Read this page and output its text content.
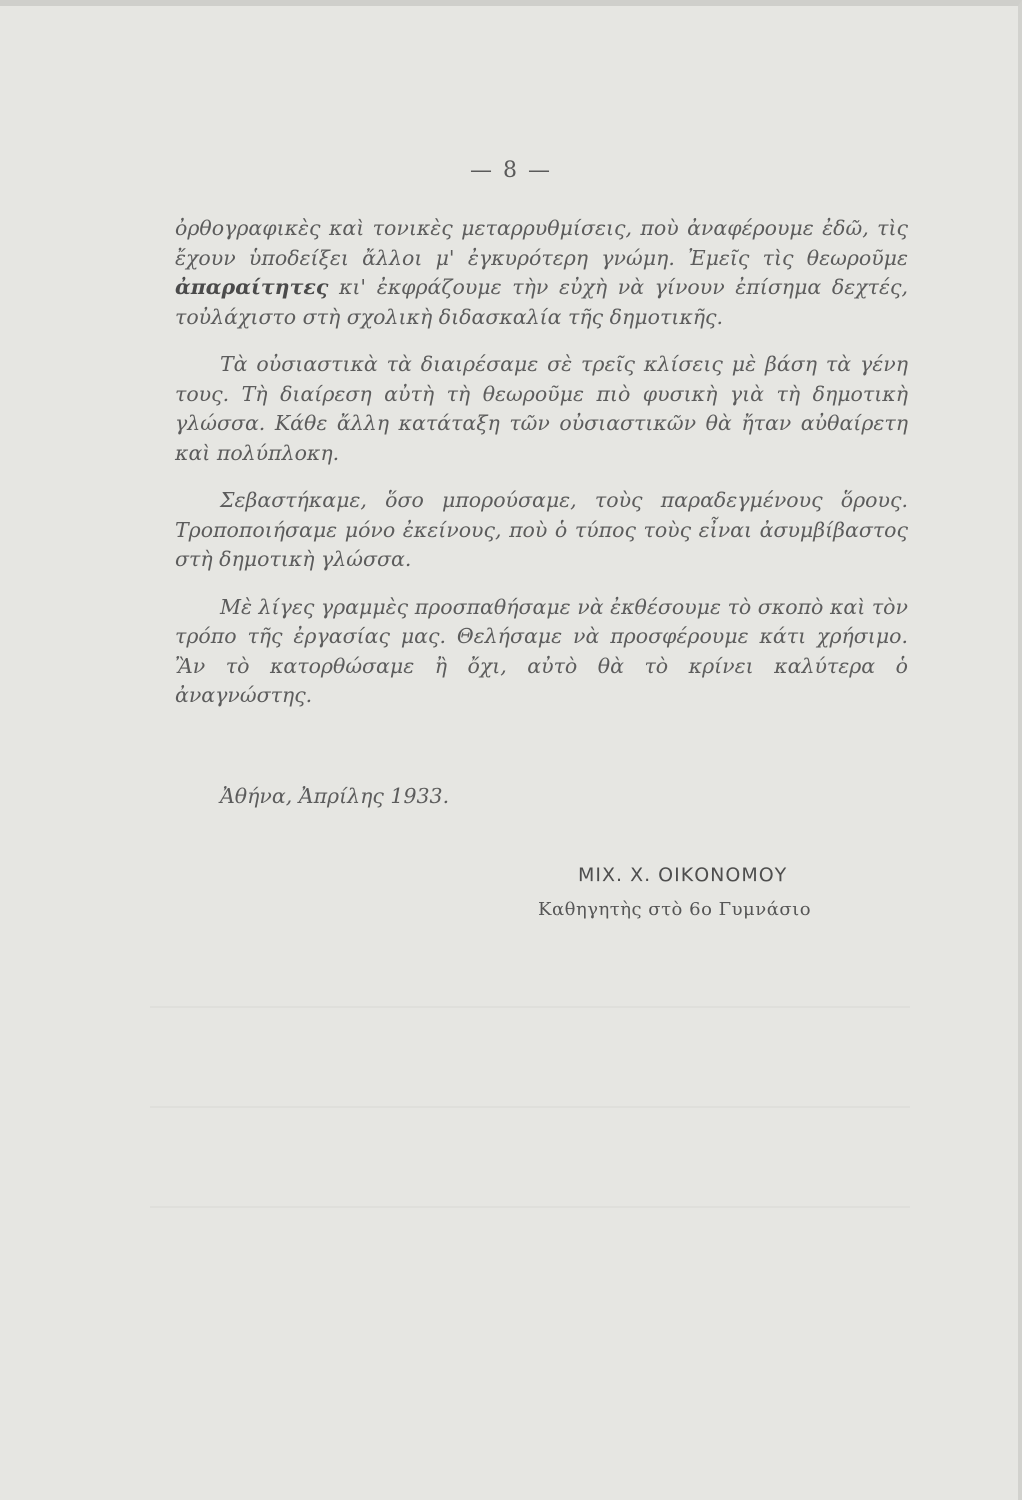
— 8 —

ὀρθογραφικὲς καὶ τονικὲς μεταρρυθμίσεις, ποὺ ἀναφέρουμε ἐδῶ, τὶς ἔχουν ὑποδείξει ἄλλοι μ' ἐγκυρότερη γνώμη. Ἐμεῖς τὶς θεωροῦμε ἀπαραίτητες κι' ἐκφράζουμε τὴν εὐχὴ νὰ γίνουν ἐπίσημα δεχτές, τοὐλάχιστο στὴ σχολικὴ διδασκαλία τῆς δημοτικῆς.

Τὰ οὐσιαστικὰ τὰ διαιρέσαμε σὲ τρεῖς κλίσεις μὲ βάση τὰ γένη τους. Τὴ διαίρεση αὐτὴ τὴ θεωροῦμε πιὸ φυσικὴ γιὰ τὴ δημοτικὴ γλώσσα. Κάθε ἄλλη κατάταξη τῶν οὐσιαστικῶν θὰ ἤταν αὐθαίρετη καὶ πολύπλοκη.

Σεβαστήκαμε, ὅσο μπορούσαμε, τοὺς παραδεγμένους ὅρους. Τροποποιήσαμε μόνο ἐκείνους, ποὺ ὁ τύπος τοὺς εἶναι ἀσυμβίβαστος στὴ δημοτικὴ γλώσσα.

Μὲ λίγες γραμμὲς προσπαθήσαμε νὰ ἐκθέσουμε τὸ σκοπὸ καὶ τὸν τρόπο τῆς ἐργασίας μας. Θελήσαμε νὰ προσφέρουμε κάτι χρήσιμο. Ἂν τὸ κατορθώσαμε ἢ ὄχι, αὐτὸ θὰ τὸ κρίνει καλύτερα ὁ ἀναγνώστης.

Ἀθήνα, Ἀπρίλης 1933.
ΜΙΧ. Χ. ΟΙΚΟΝΟΜΟΥ
Καθηγητὴς στὸ 6ο Γυμνάσιο
